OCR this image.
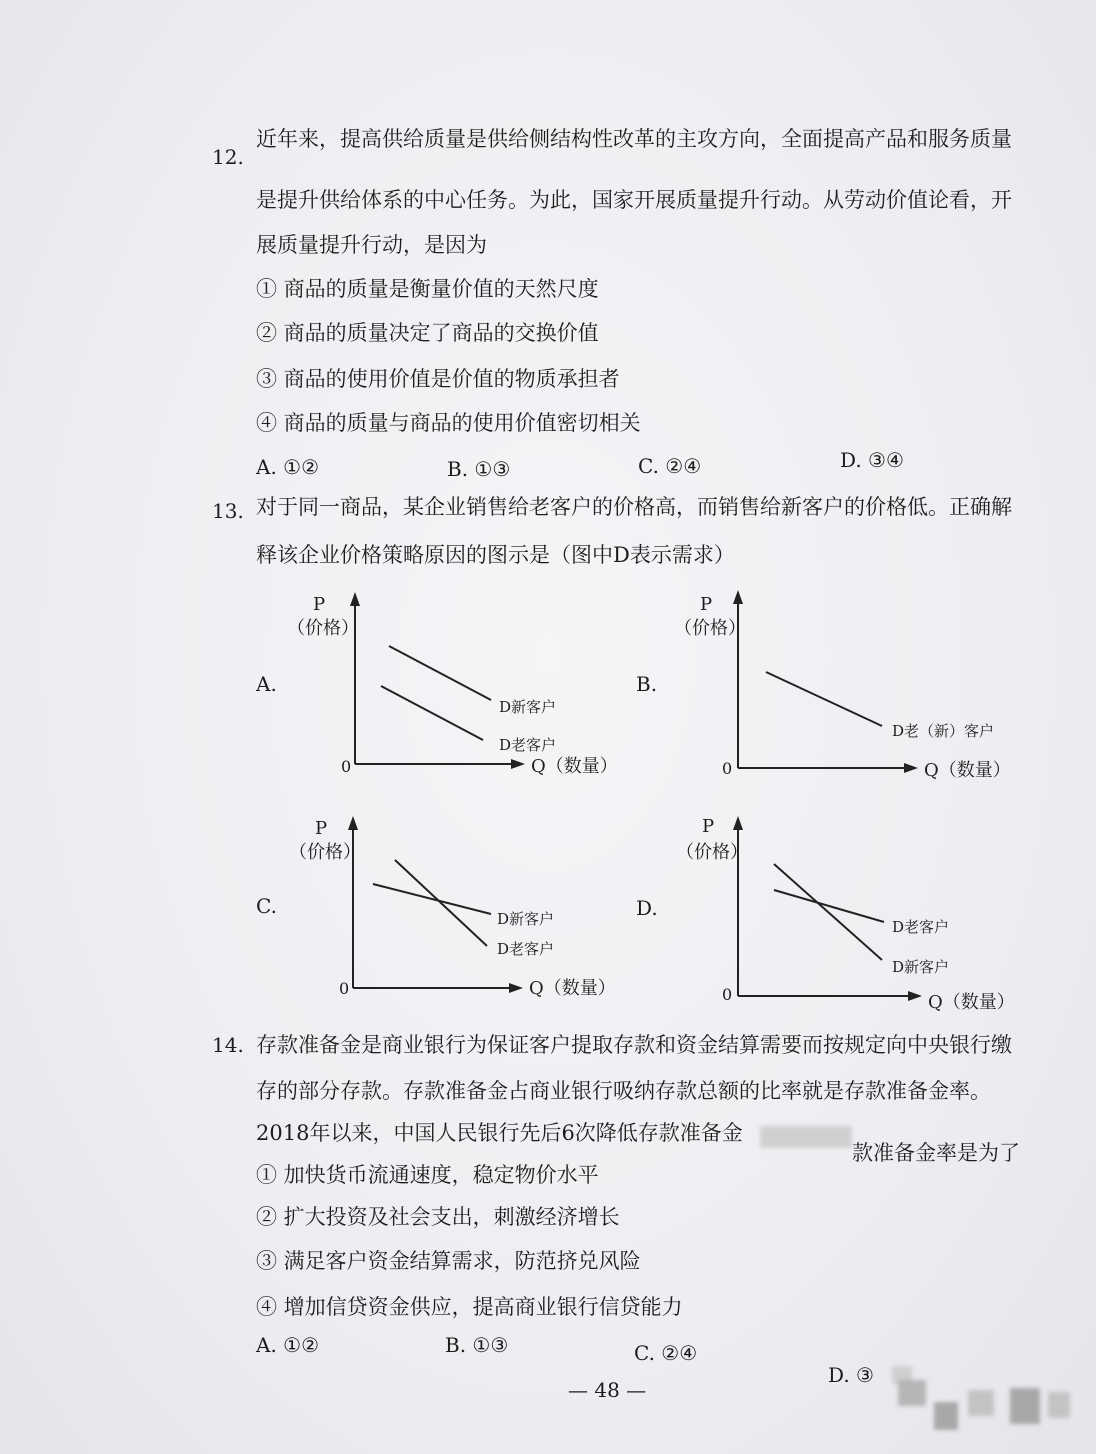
12.
近年来，提高供给质量是供给侧结构性改革的主攻方向，全面提高产品和服务质量
是提升供给体系的中心任务。为此，国家开展质量提升行动。从劳动价值论看，开
展质量提升行动，是因为
① 商品的质量是衡量价值的天然尺度
② 商品的质量决定了商品的交换价值
③ 商品的使用价值是价值的物质承担者
④ 商品的质量与商品的使用价值密切相关
A. ①②	B. ①③	C. ②④	D. ③④
13. 对于同一商品，某企业销售给老客户的价格高，而销售给新客户的价格低。正确解
释该企业价格策略原因的图示是（图中D表示需求）
A.
P
（价格）
0	Q（数量）
D新客户
D老客户
B.
P
（价格）
0	Q（数量）
D老（新）客户
C.
P
（价格）
0	Q（数量）
D新客户
D老客户
D.
P
（价格）
0	Q（数量）
D老客户
D新客户
14. 存款准备金是商业银行为保证客户提取存款和资金结算需要而按规定向中央银行缴
存的部分存款。存款准备金占商业银行吸纳存款总额的比率就是存款准备金率。
2018年以来，中国人民银行先后6次降低存款准备金
款准备金率是为了
① 加快货币流通速度，稳定物价水平
② 扩大投资及社会支出，刺激经济增长
③ 满足客户资金结算需求，防范挤兑风险
④ 增加信贷资金供应，提高商业银行信贷能力
A. ①②	B. ①③	C. ②④
D. ③
— 48 —
